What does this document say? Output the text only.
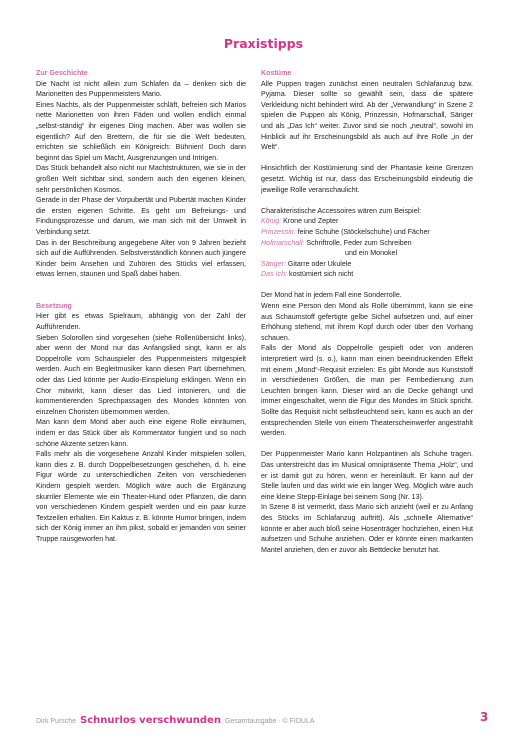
Praxistipps

Zur Geschichte

Die Nacht ist nicht allein zum Schlafen da – denken sich die Marionetten des Puppenmeisters Mario.

Eines Nachts, als der Puppenmeister schläft, befreien sich Marios nette Marionetten von ihren Fäden und wollen endlich einmal „selbst-ständig“ ihr eigenes Ding machen. Aber was wollen sie eigentlich? Auf den Brettern, die für sie die Welt bedeuten, errichten sie schließlich ein Königreich: Bühnien! Doch dann beginnt das Spiel um Macht, Ausgrenzungen und Intrigen.

Das Stück behandelt also nicht nur Machtstrukturen, wie sie in der großen Welt sichtbar sind, sondern auch den eigenen kleinen, sehr persönlichen Kosmos.

Gerade in der Phase der Vorpubertät und Pubertät machen Kinder die ersten eigenen Schritte. Es geht um Befreiungs- und Findungsprozesse und darum, wie man sich mit der Umwelt in Verbindung setzt.

Das in der Beschreibung angegebene Alter von 9 Jahren bezieht sich auf die Aufführenden. Selbstverständlich können auch jüngere Kinder beim Ansehen und Zuhören des Stücks viel erfassen, etwas lernen, staunen und Spaß dabei haben.

Besetzung

Hier gibt es etwas Spielraum, abhängig von der Zahl der Aufführenden.

Sieben Solorollen sind vorgesehen (siehe Rollenübersicht links), aber wenn der Mond nur das Anfangslied singt, kann er als Doppelrolle vom Schauspieler des Puppenmeisters mitgespielt werden. Auch ein Begleitmusiker kann diesen Part übernehmen, oder das Lied könnte per Audio-Einspielung erklingen. Wenn ein Chor mitwirkt, kann dieser das Lied intonieren, und die kommentierenden Sprechpassagen des Mondes könnten von einzelnen Choristen übernommen werden.

Man kann dem Mond aber auch eine eigene Rolle einräumen, indem er das Stück über als Kommentator fungiert und so noch schöne Akzente setzen kann.

Falls mehr als die vorgesehene Anzahl Kinder mitspielen sollen, kann dies z. B. durch Doppelbesetzungen geschehen, d. h. eine Figur würde zu unterschiedlichen Zeiten von verschiedenen Kindern gespielt werden. Möglich wäre auch die Ergänzung skurriler Elemente wie ein Theater-Hund oder Pflanzen, die dann von verschiedenen Kindern gespielt werden und ein paar kurze Textzeilen erhalten. Ein Kaktus z. B. könnte Humor bringen, indem sich der König immer an ihm pikst, sobald er jemanden von seiner Truppe rausgeworfen hat.

Kostüme

Alle Puppen tragen zunächst einen neutralen Schlafanzug bzw. Pyjama. Dieser sollte so gewählt sein, dass die spätere Verkleidung nicht behindert wird. Ab der „Verwandlung“ in Szene 2 spielen die Puppen als König, Prinzessin, Hofmarschall, Sänger und als „Das Ich“ weiter. Zuvor sind sie noch „neutral“, sowohl im Hinblick auf ihr Erscheinungsbild als auch auf ihre Rolle „in der Welt“.

Hinsichtlich der Kostümierung sind der Phantasie keine Grenzen gesetzt. Wichtig ist nur, dass das Erscheinungsbild eindeutig die jeweilige Rolle veranschaulicht.

Charakteristische Accessoires wären zum Beispiel:

König: Krone und Zepter
Prinzessin: feine Schuhe (Stöckelschuhe) und Fächer
Hofmarschall: Schriftrolle, Feder zum Schreiben
und ein Monokel
Sänger: Gitarre oder Ukulele
Das Ich: kostümiert sich nicht

Der Mond hat in jedem Fall eine Sonderrolle.

Wenn eine Person den Mond als Rolle übernimmt, kann sie eine aus Schaumstoff gefertigte gelbe Sichel aufsetzen und, auf einer Erhöhung stehend, mit ihrem Kopf durch oder über den Vorhang schauen.

Falls der Mond als Doppelrolle gespielt oder von anderen interpretiert wird (s. o.), kann man einen beeindruckenden Effekt mit einem „Mond“-Requisit erzielen: Es gibt Monde aus Kunststoff in verschiedenen Größen, die man per Fernbedienung zum Leuchten bringen kann. Dieser wird an die Decke gehängt und immer eingeschaltet, wenn die Figur des Mondes im Stück spricht. Sollte das Requisit nicht selbstleuchtend sein, kann es auch an der entsprechenden Stelle von einem Theaterscheinwerfer angestrahlt werden.

Der Puppenmeister Mario kann Holzpantinen als Schuhe tragen. Das unterstreicht das im Musical omnipräsente Thema „Holz“, und er ist damit gut zu hören, wenn er hereinläuft. Er kann auf der Stelle laufen und das wirkt wie ein langer Weg. Möglich wäre auch eine kleine Stepp-Einlage bei seinem Song (Nr. 13).

In Szene 8 ist vermerkt, dass Mario sich anzieht (weil er zu Anfang des Stücks im Schlafanzug auftritt). Als „schnelle Alternative“ könnte er aber auch bloß seine Hosenträger hochziehen, einen Hut aufsetzen und Schuhe anziehen. Oder er könnte einen markanten Mantel anziehen, den er zuvor als Bettdecke benutzt hat.

Dirk Pursche Schnurlos verschwunden Gesamtausgabe · © FIDULA	3
